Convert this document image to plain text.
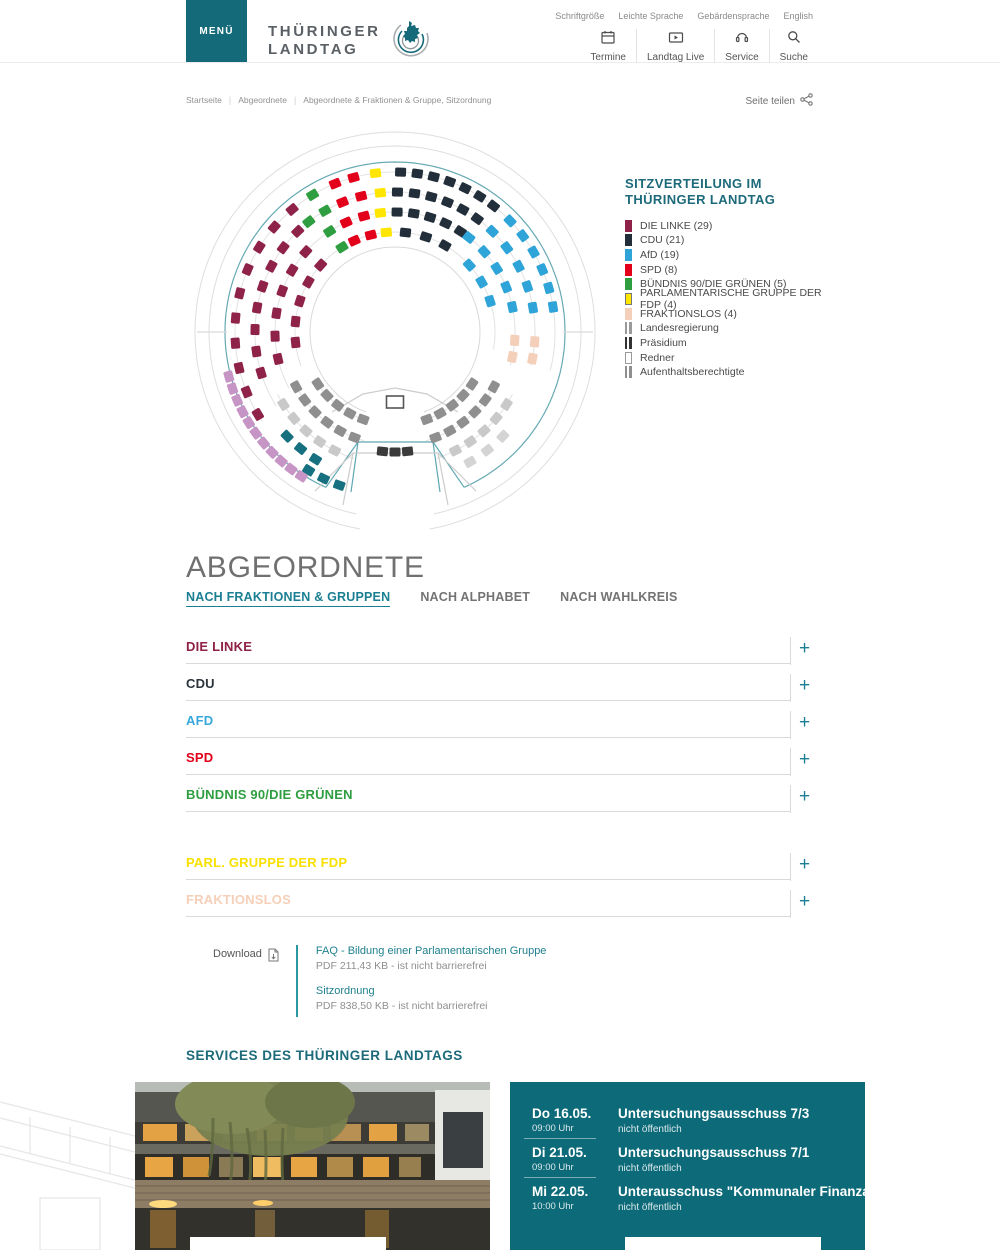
MENÜ	THÜRINGER
LANDTAG
Schriftgröße Leichte Sprache Gebärdensprache English
Termine Landtag Live Service Suche
Startseite | Abgeordnete | Abgeordnete & Fraktionen & Gruppe, Sitzordnung	Seite teilen
SITZVERTEILUNG IM THÜRINGER LANDTAG
DIE LINKE (29)
CDU (21)
AfD (19)
SPD (8)
BÜNDNIS 90/DIE GRÜNEN (5)
PARLAMENTARISCHE GRUPPE DER FDP (4)
FRAKTIONSLOS (4)
Landesregierung
Präsidium
Redner
Aufenthaltsberechtigte
ABGEORDNETE
NACH FRAKTIONEN & GRUPPEN NACH ALPHABET NACH WAHLKREIS
DIE LINKE	+
CDU	+
AFD	+
SPD	+
BÜNDNIS 90/DIE GRÜNEN	+
PARL. GRUPPE DER FDP	+
FRAKTIONSLOS	+
Download	FAQ - Bildung einer Parlamentarischen Gruppe
PDF 211,43 KB - ist nicht barrierefrei
Sitzordnung
PDF 838,50 KB - ist nicht barrierefrei
SERVICES DES THÜRINGER LANDTAGS
Do 16.05.
09:00 Uhr
Untersuchungsausschuss 7/3
nicht öffentlich
Di 21.05.
09:00 Uhr
Untersuchungsausschuss 7/1
nicht öffentlich
Mi 22.05.
10:00 Uhr
Unterausschuss "Kommunaler Finanzausgleich"
nicht öffentlich
